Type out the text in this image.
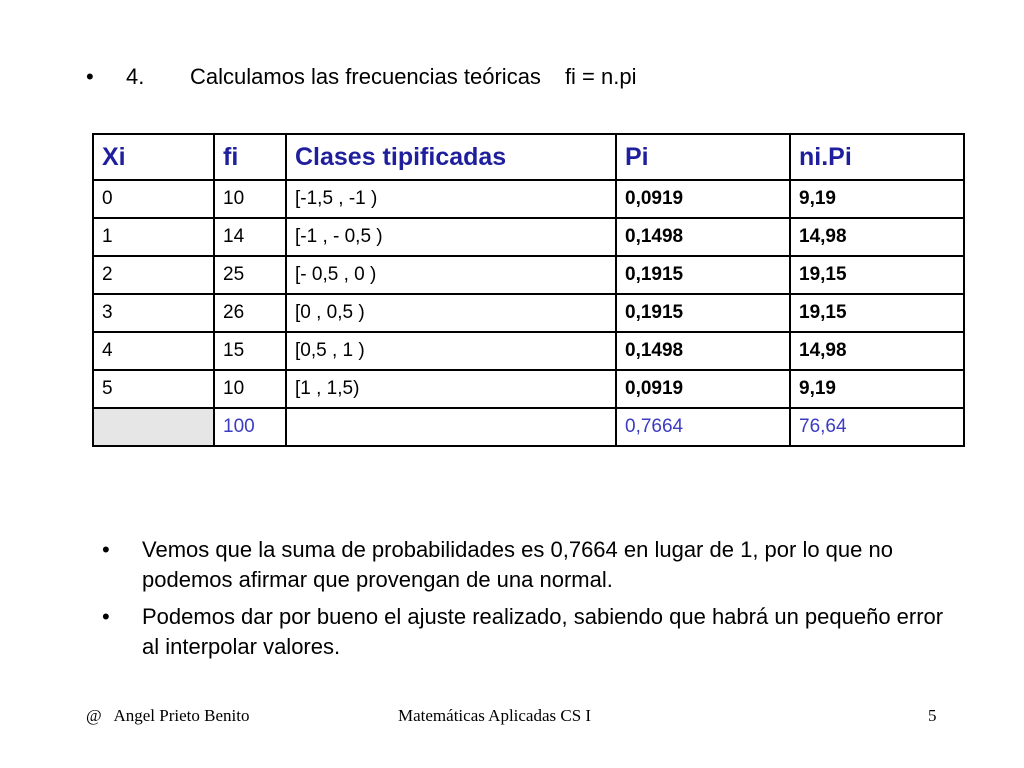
• 4. Calculamos las frecuencias teóricas fi = n.pi
Xi	fi	Clases tipificadas	Pi	ni.Pi
0	10	[-1,5 , -1 )	0,0919	9,19
1	14	[-1 , - 0,5 )	0,1498	14,98
2	25	[- 0,5 , 0 )	0,1915	19,15
3	26	[0 , 0,5 )	0,1915	19,15
4	15	[0,5 , 1 )	0,1498	14,98
5	10	[1 , 1,5)	0,0919	9,19
	100		0,7664	76,64
•	Vemos que la suma de probabilidades es 0,7664 en lugar de 1, por lo que no podemos afirmar que provengan de una normal.
•	Podemos dar por bueno el ajuste realizado, sabiendo que habrá un pequeño error al interpolar valores.
@   Angel Prieto Benito	Matemáticas Aplicadas CS I	5
